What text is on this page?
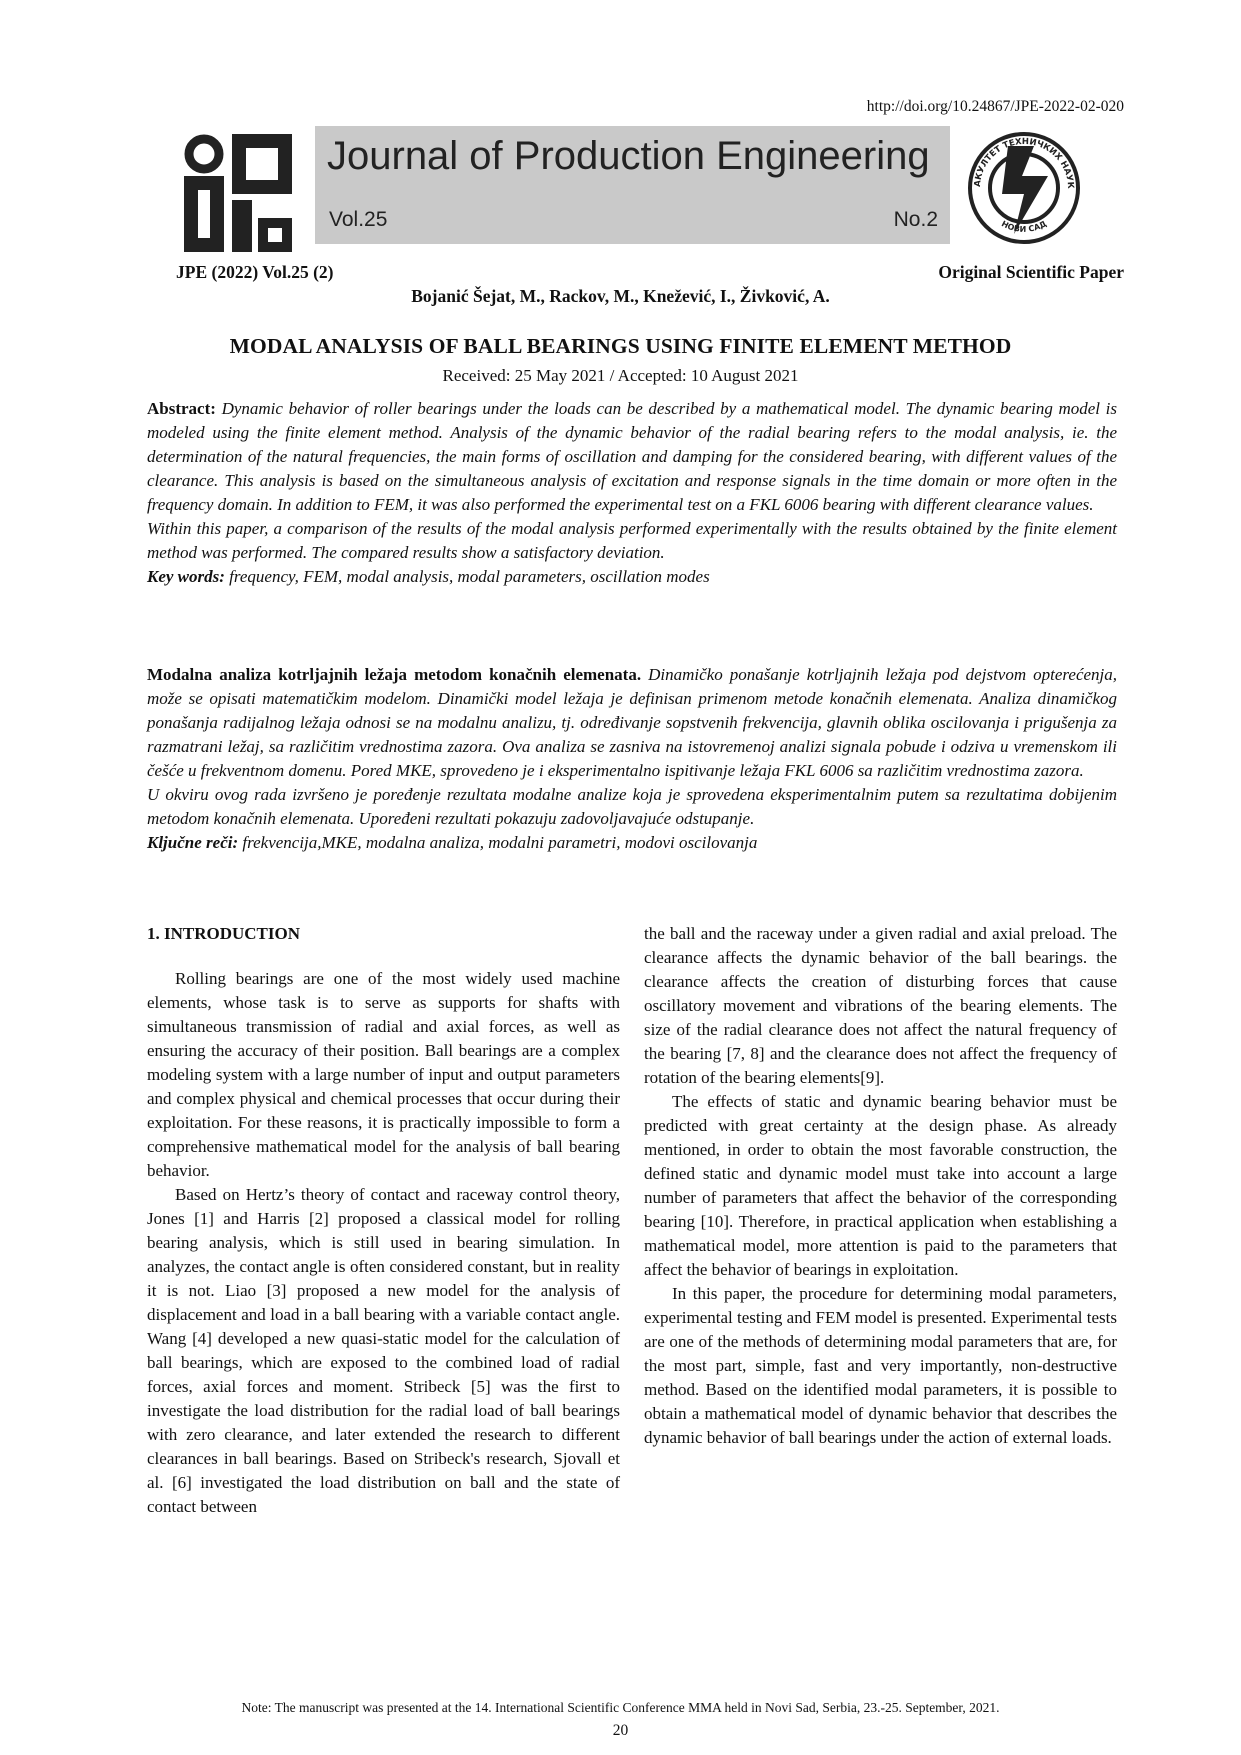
http://doi.org/10.24867/JPE-2022-02-020
Journal of Production Engineering
Vol.25	No.2
АКУЛТЕТ ТЕХНИЧКИХ НАУК
НОВИ САД
JPE (2022) Vol.25 (2)	Original Scientific Paper
Bojanić Šejat, M., Rackov, M., Knežević, I., Živković, A.
MODAL ANALYSIS OF BALL BEARINGS USING FINITE ELEMENT METHOD
Received: 25 May 2021 / Accepted: 10 August 2021

Abstract: Dynamic behavior of roller bearings under the loads can be described by a mathematical model. The dynamic bearing model is modeled using the finite element method. Analysis of the dynamic behavior of the radial bearing refers to the modal analysis, ie. the determination of the natural frequencies, the main forms of oscillation and damping for the considered bearing, with different values of the clearance. This analysis is based on the simultaneous analysis of excitation and response signals in the time domain or more often in the frequency domain. In addition to FEM, it was also performed the experimental test on a FKL 6006 bearing with different clearance values.

Within this paper, a comparison of the results of the modal analysis performed experimentally with the results obtained by the finite element method was performed. The compared results show a satisfactory deviation.

Key words: frequency, FEM, modal analysis, modal parameters, oscillation modes

Modalna analiza kotrljajnih ležaja metodom konačnih elemenata. Dinamičko ponašanje kotrljajnih ležaja pod dejstvom opterećenja, može se opisati matematičkim modelom. Dinamički model ležaja je definisan primenom metode konačnih elemenata. Analiza dinamičkog ponašanja radijalnog ležaja odnosi se na modalnu analizu, tj. određivanje sopstvenih frekvencija, glavnih oblika oscilovanja i prigušenja za razmatrani ležaj, sa različitim vrednostima zazora. Ova analiza se zasniva na istovremenoj analizi signala pobude i odziva u vremenskom ili češće u frekventnom domenu. Pored MKE, sprovedeno je i eksperimentalno ispitivanje ležaja FKL 6006 sa različitim vrednostima zazora.

U okviru ovog rada izvršeno je poređenje rezultata modalne analize koja je sprovedena eksperimentalnim putem sa rezultatima dobijenim metodom konačnih elemenata. Upoređeni rezultati pokazuju zadovoljavajuće odstupanje.

Ključne reči: frekvencija,MKE, modalna analiza, modalni parametri, modovi oscilovanja

1. INTRODUCTION

Rolling bearings are one of the most widely used machine elements, whose task is to serve as supports for shafts with simultaneous transmission of radial and axial forces, as well as ensuring the accuracy of their position. Ball bearings are a complex modeling system with a large number of input and output parameters and complex physical and chemical processes that occur during their exploitation. For these reasons, it is practically impossible to form a comprehensive mathematical model for the analysis of ball bearing behavior.

Based on Hertz’s theory of contact and raceway control theory, Jones [1] and Harris [2] proposed a classical model for rolling bearing analysis, which is still used in bearing simulation. In analyzes, the contact angle is often considered constant, but in reality it is not. Liao [3] proposed a new model for the analysis of displacement and load in a ball bearing with a variable contact angle. Wang [4] developed a new quasi-static model for the calculation of ball bearings, which are exposed to the combined load of radial forces, axial forces and moment. Stribeck [5] was the first to investigate the load distribution for the radial load of ball bearings with zero clearance, and later extended the research to different clearances in ball bearings. Based on Stribeck's research, Sjovall et al. [6] investigated the load distribution on ball and the state of contact between

the ball and the raceway under a given radial and axial preload. The clearance affects the dynamic behavior of the ball bearings. the clearance affects the creation of disturbing forces that cause oscillatory movement and vibrations of the bearing elements. The size of the radial clearance does not affect the natural frequency of the bearing [7, 8] and the clearance does not affect the frequency of rotation of the bearing elements[9].

The effects of static and dynamic bearing behavior must be predicted with great certainty at the design phase. As already mentioned, in order to obtain the most favorable construction, the defined static and dynamic model must take into account a large number of parameters that affect the behavior of the corresponding bearing [10]. Therefore, in practical application when establishing a mathematical model, more attention is paid to the parameters that affect the behavior of bearings in exploitation.

In this paper, the procedure for determining modal parameters, experimental testing and FEM model is presented. Experimental tests are one of the methods of determining modal parameters that are, for the most part, simple, fast and very importantly, non-destructive method. Based on the identified modal parameters, it is possible to obtain a mathematical model of dynamic behavior that describes the dynamic behavior of ball bearings under the action of external loads.

Note: The manuscript was presented at the 14. International Scientific Conference MMA held in Novi Sad, Serbia, 23.-25. September, 2021.
20
